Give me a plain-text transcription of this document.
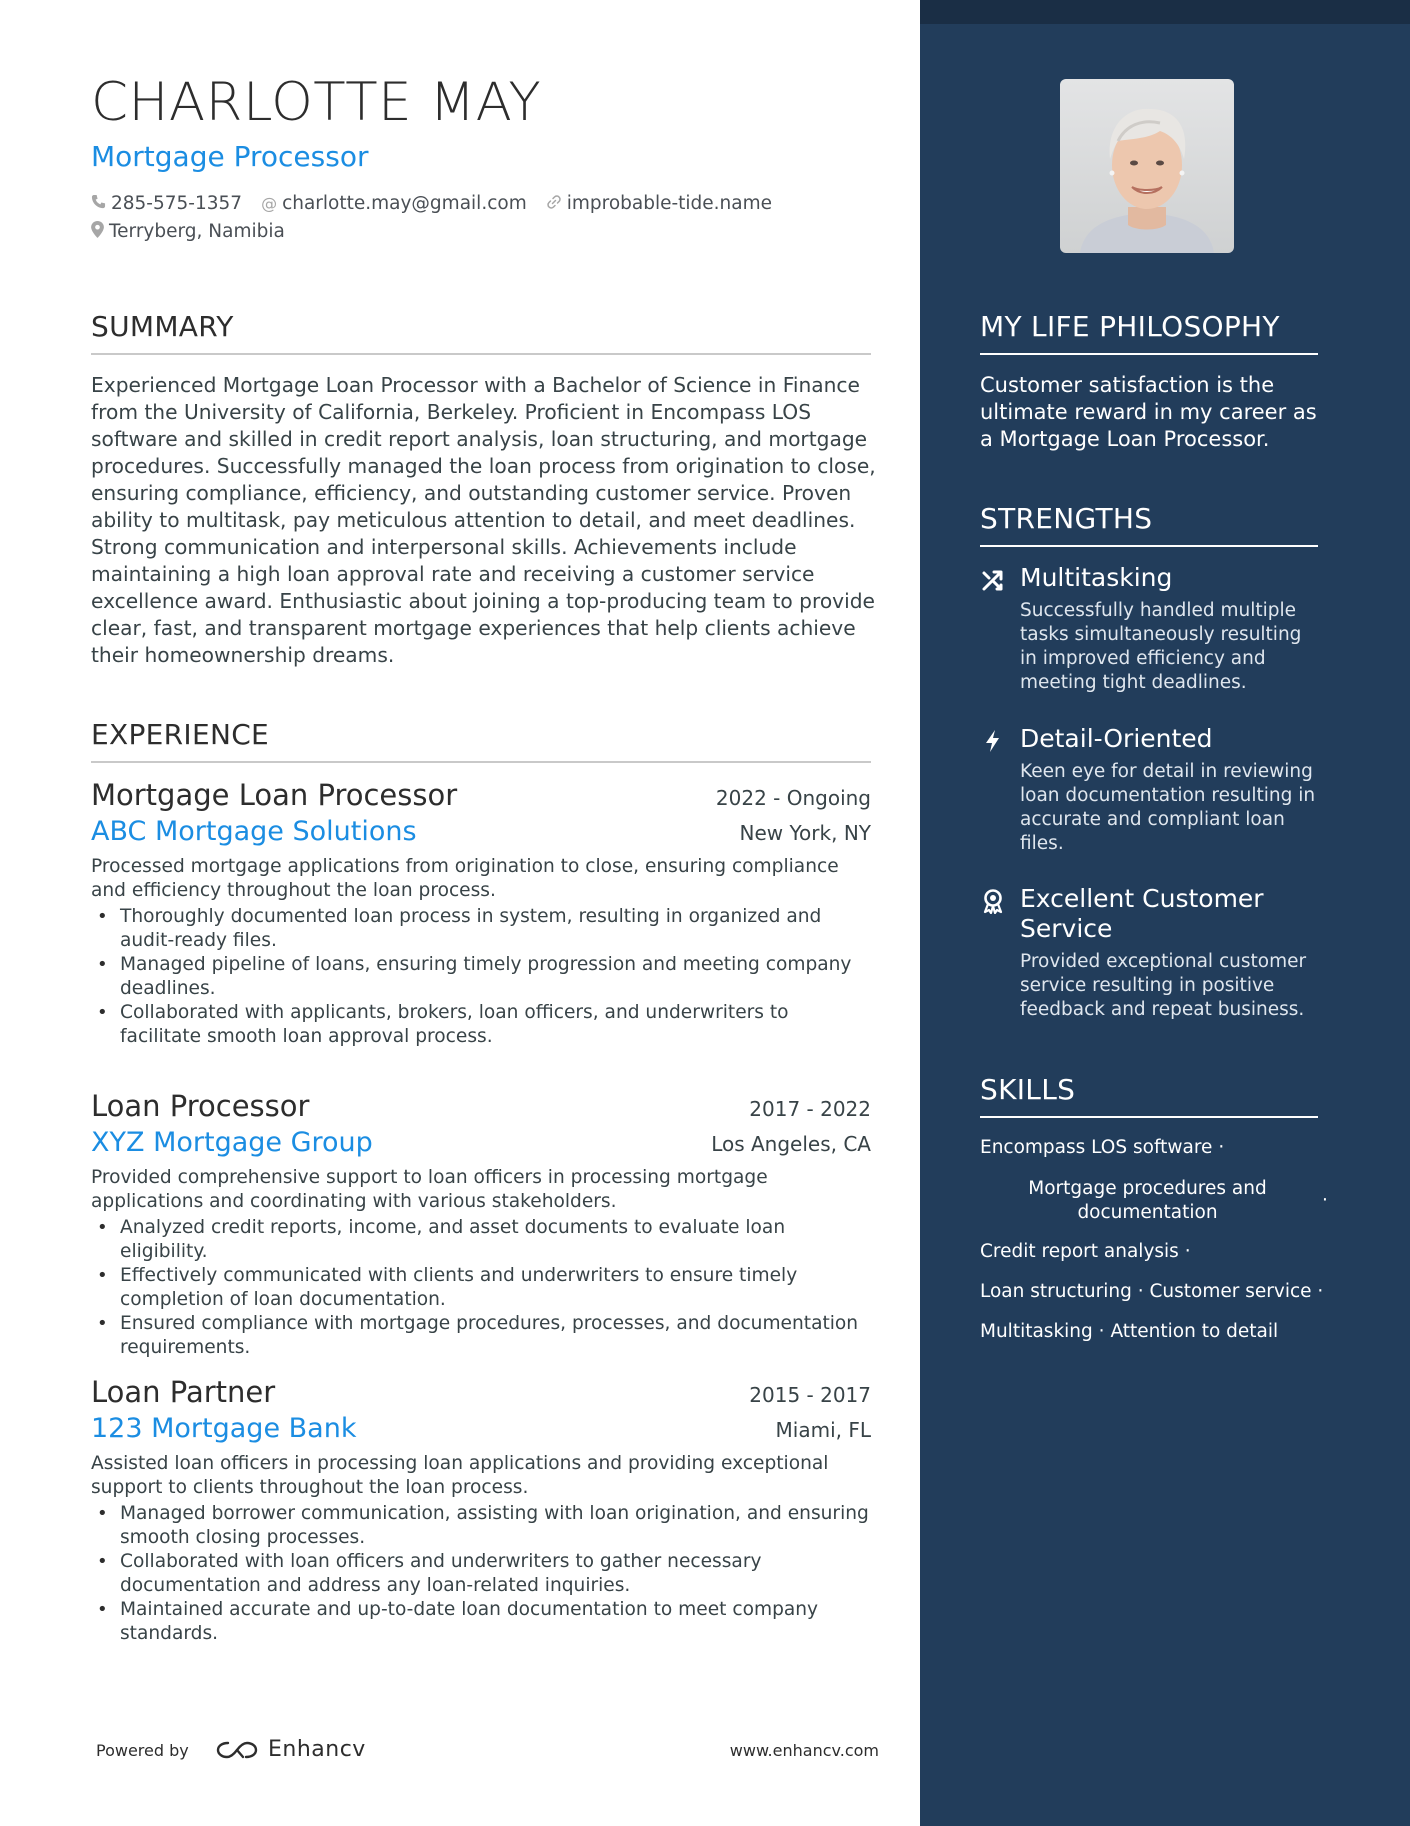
CHARLOTTE MAY
Mortgage Processor
285-575-1357 @ charlotte.may@gmail.com improbable-tide.name
Terryberg, Namibia
SUMMARY
Experienced Mortgage Loan Processor with a Bachelor of Science in Finance from the University of California, Berkeley. Proficient in Encompass LOS software and skilled in credit report analysis, loan structuring, and mortgage procedures. Successfully managed the loan process from origination to close, ensuring compliance, efficiency, and outstanding customer service. Proven ability to multitask, pay meticulous attention to detail, and meet deadlines. Strong communication and interpersonal skills. Achievements include maintaining a high loan approval rate and receiving a customer service excellence award. Enthusiastic about joining a top-producing team to provide clear, fast, and transparent mortgage experiences that help clients achieve their homeownership dreams.
EXPERIENCE
Mortgage Loan Processor	2022 - Ongoing
ABC Mortgage Solutions	New York, NY
Processed mortgage applications from origination to close, ensuring compliance and efficiency throughout the loan process.
• Thoroughly documented loan process in system, resulting in organized and audit-ready files.
• Managed pipeline of loans, ensuring timely progression and meeting company deadlines.
• Collaborated with applicants, brokers, loan officers, and underwriters to facilitate smooth loan approval process.
Loan Processor	2017 - 2022
XYZ Mortgage Group	Los Angeles, CA
Provided comprehensive support to loan officers in processing mortgage applications and coordinating with various stakeholders.
• Analyzed credit reports, income, and asset documents to evaluate loan eligibility.
• Effectively communicated with clients and underwriters to ensure timely completion of loan documentation.
• Ensured compliance with mortgage procedures, processes, and documentation requirements.
Loan Partner	2015 - 2017
123 Mortgage Bank	Miami, FL
Assisted loan officers in processing loan applications and providing exceptional support to clients throughout the loan process.
• Managed borrower communication, assisting with loan origination, and ensuring smooth closing processes.
• Collaborated with loan officers and underwriters to gather necessary documentation and address any loan-related inquiries.
• Maintained accurate and up-to-date loan documentation to meet company standards.
Powered by	Enhancv	www.enhancv.com
MY LIFE PHILOSOPHY
Customer satisfaction is the ultimate reward in my career as a Mortgage Loan Processor.
STRENGTHS
Multitasking
Successfully handled multiple tasks simultaneously resulting in improved efficiency and meeting tight deadlines.
Detail-Oriented
Keen eye for detail in reviewing loan documentation resulting in accurate and compliant loan files.
Excellent Customer Service
Provided exceptional customer service resulting in positive feedback and repeat business.
SKILLS
Encompass LOS software ·
Mortgage procedures and documentation
·
Credit report analysis ·
Loan structuring · Customer service ·
Multitasking · Attention to detail
